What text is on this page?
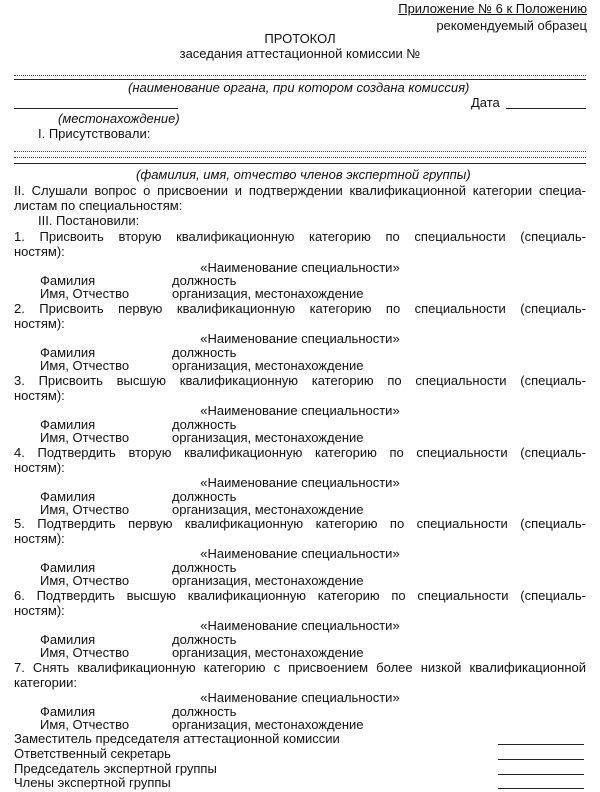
Приложение № 6 к Положению
рекомендуемый образец
ПРОТОКОЛ
заседания аттестационной комиссии №
(наименование органа, при котором создана комиссия)
Дата
(местонахождение)
I. Присутствовали:
(фамилия, имя, отчество членов экспертной группы)
II. Слушали вопрос о присвоении и подтверждении квалификационной категории специа-
листам по специальностям:
III. Постановили:
1. Присвоить вторую квалификационную категорию по специальности (специаль-
ностям):
«Наименование специальности»
Фамилия	должность
Имя, Отчество	организация, местонахождение
2. Присвоить первую квалификационную категорию по специальности (специаль-
ностям):
«Наименование специальности»
Фамилия	должность
Имя, Отчество	организация, местонахождение
3. Присвоить высшую квалификационную категорию по специальности (специаль-
ностям):
«Наименование специальности»
Фамилия	должность
Имя, Отчество	организация, местонахождение
4. Подтвердить вторую квалификационную категорию по специальности (специаль-
ностям):
«Наименование специальности»
Фамилия	должность
Имя, Отчество	организация, местонахождение
5. Подтвердить первую квалификационную категорию по специальности (специаль-
ностям):
«Наименование специальности»
Фамилия	должность
Имя, Отчество	организация, местонахождение
6. Подтвердить высшую квалификационную категорию по специальности (специаль-
ностям):
«Наименование специальности»
Фамилия	должность
Имя, Отчество	организация, местонахождение
7. Снять квалификационную категорию с присвоением более низкой квалификационной
категории:
«Наименование специальности»
Фамилия	должность
Имя, Отчество	организация, местонахождение
Заместитель председателя аттестационной комиссии
Ответственный секретарь
Председатель экспертной группы
Члены экспертной группы
